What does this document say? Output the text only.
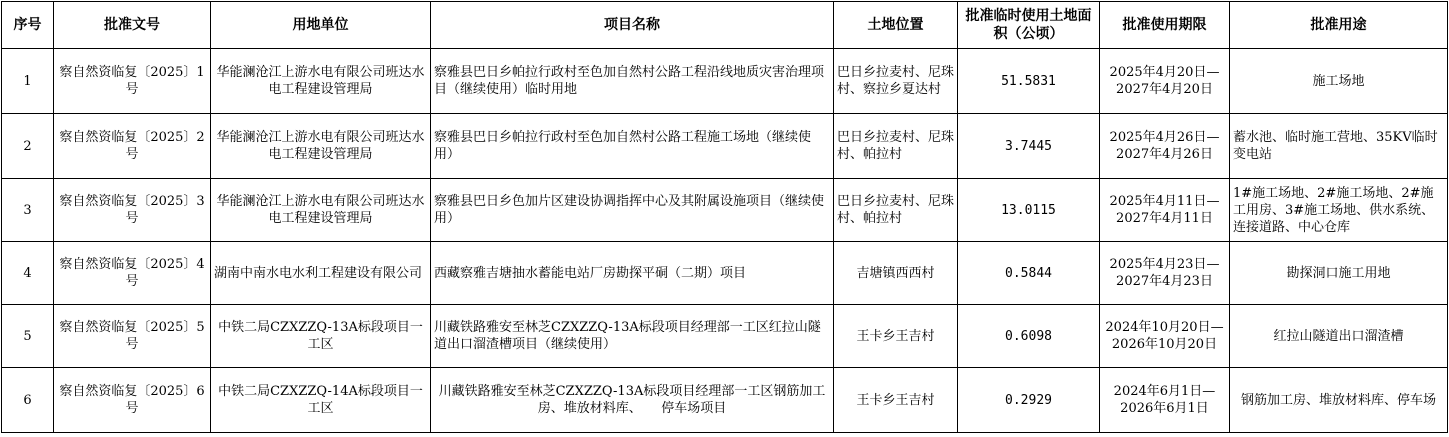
序号	批准文号	用地单位	项目名称	土地位置	批准临时使用土地面积（公顷）	批准使用期限	批准用途
1	察自然资临复〔2025〕1号	华能澜沧江上游水电有限公司班达水电工程建设管理局	察雅县巴日乡帕拉行政村至色加自然村公路工程沿线地质灾害治理项目（继续使用）临时用地	巴日乡拉麦村、尼珠村、察拉乡夏达村	51.5831	2025年4月20日—2027年4月20日	施工场地
2	察自然资临复〔2025〕2号	华能澜沧江上游水电有限公司班达水电工程建设管理局	察雅县巴日乡帕拉行政村至色加自然村公路工程施工场地（继续使用）	巴日乡拉麦村、尼珠村、帕拉村	3.7445	2025年4月26日—2027年4月26日	蓄水池、临时施工营地、35KV临时变电站
3	察自然资临复〔2025〕3号	华能澜沧江上游水电有限公司班达水电工程建设管理局	察雅县巴日乡色加片区建设协调指挥中心及其附属设施项目（继续使用）	巴日乡拉麦村、尼珠村、帕拉村	13.0115	2025年4月11日—2027年4月11日	1#施工场地、2#施工场地、2#施工用房、3#施工场地、供水系统、连接道路、中心仓库
4	察自然资临复〔2025〕4号	湖南中南水电水利工程建设有限公司	西藏察雅吉塘抽水蓄能电站厂房勘探平硐（二期）项目	吉塘镇西西村	0.5844	2025年4月23日—2027年4月23日	勘探洞口施工用地
5	察自然资临复〔2025〕5号	中铁二局CZXZZQ-13A标段项目一工区	川藏铁路雅安至林芝CZXZZQ-13A标段项目经理部一工区红拉山隧道出口溜渣槽项目（继续使用）	王卡乡王吉村	0.6098	2024年10月20日—2026年10月20日	红拉山隧道出口溜渣槽
6	察自然资临复〔2025〕6号	中铁二局CZXZZQ-14A标段项目一工区	川藏铁路雅安至林芝CZXZZQ-13A标段项目经理部一工区钢筋加工房、堆放材料库、　　停车场项目	王卡乡王吉村	0.2929	2024年6月1日—2026年6月1日	钢筋加工房、堆放材料库、停车场
